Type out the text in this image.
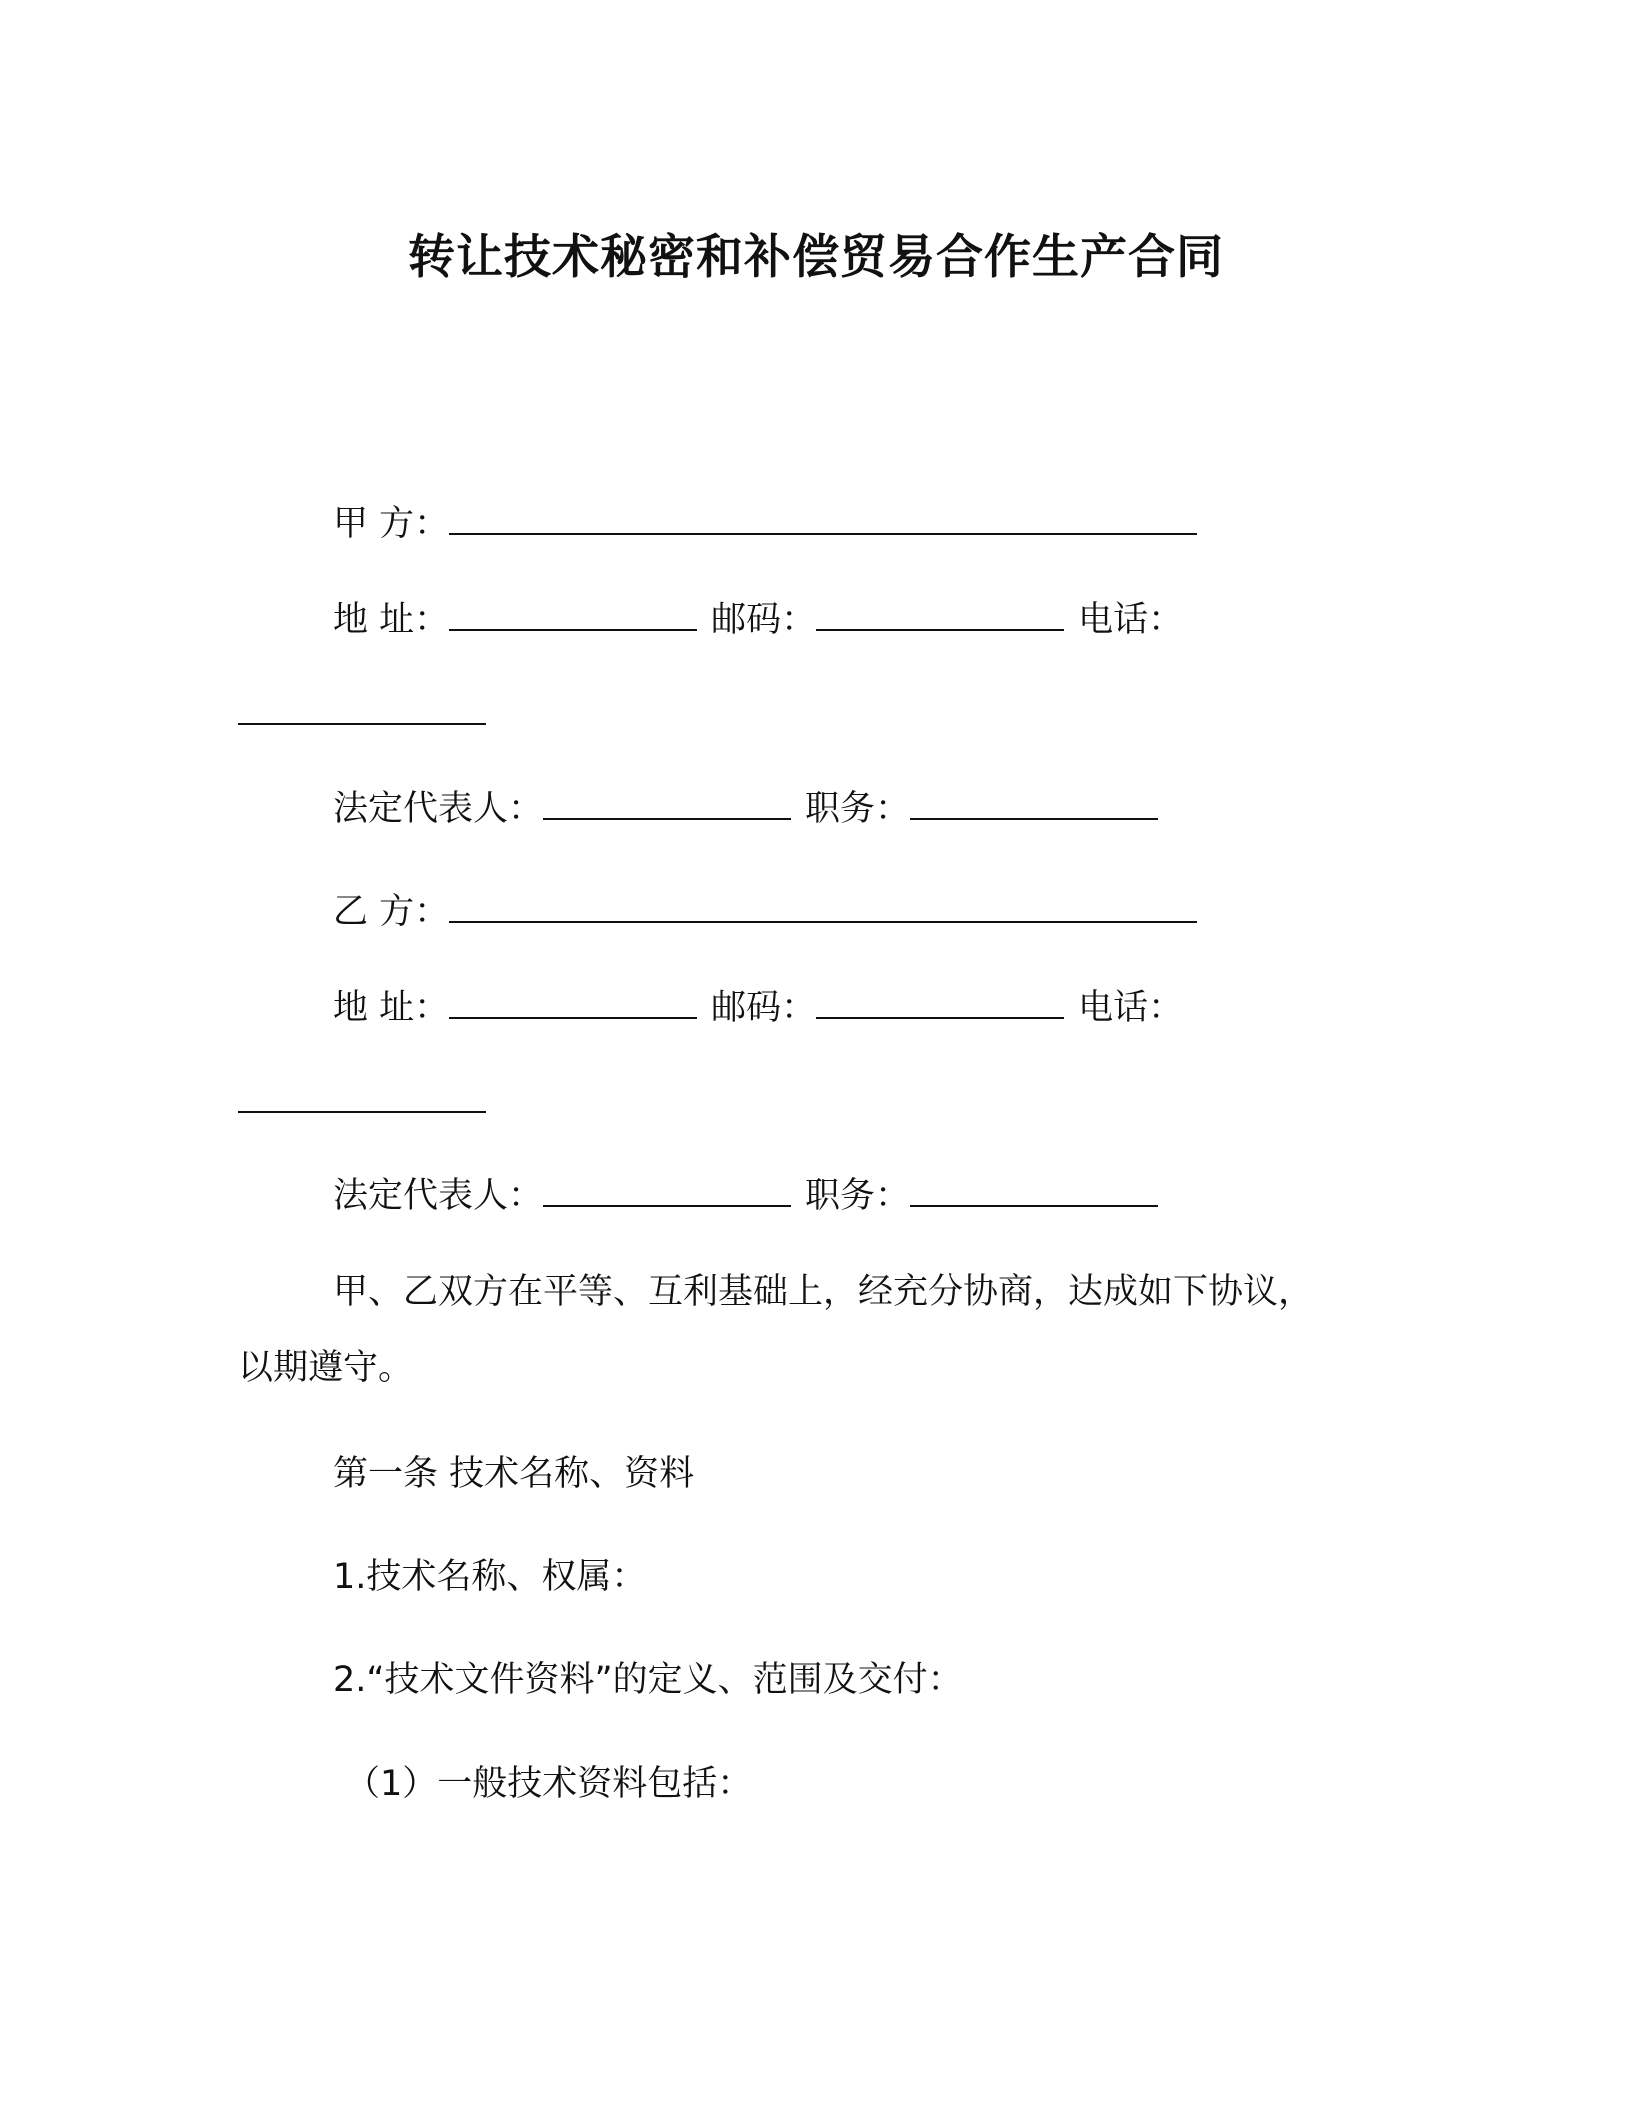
转让技术秘密和补偿贸易合作生产合同
甲 方：
地 址：	邮码：	电话：
法定代表人：	职务：
乙 方：
地 址：	邮码：	电话：
法定代表人：	职务：
甲、乙双方在平等、互利基础上，经充分协商，达成如下协议，
以期遵守。
第一条 技术名称、资料
1.技术名称、权属：
2.“技术文件资料”的定义、范围及交付：
（1）一般技术资料包括：
